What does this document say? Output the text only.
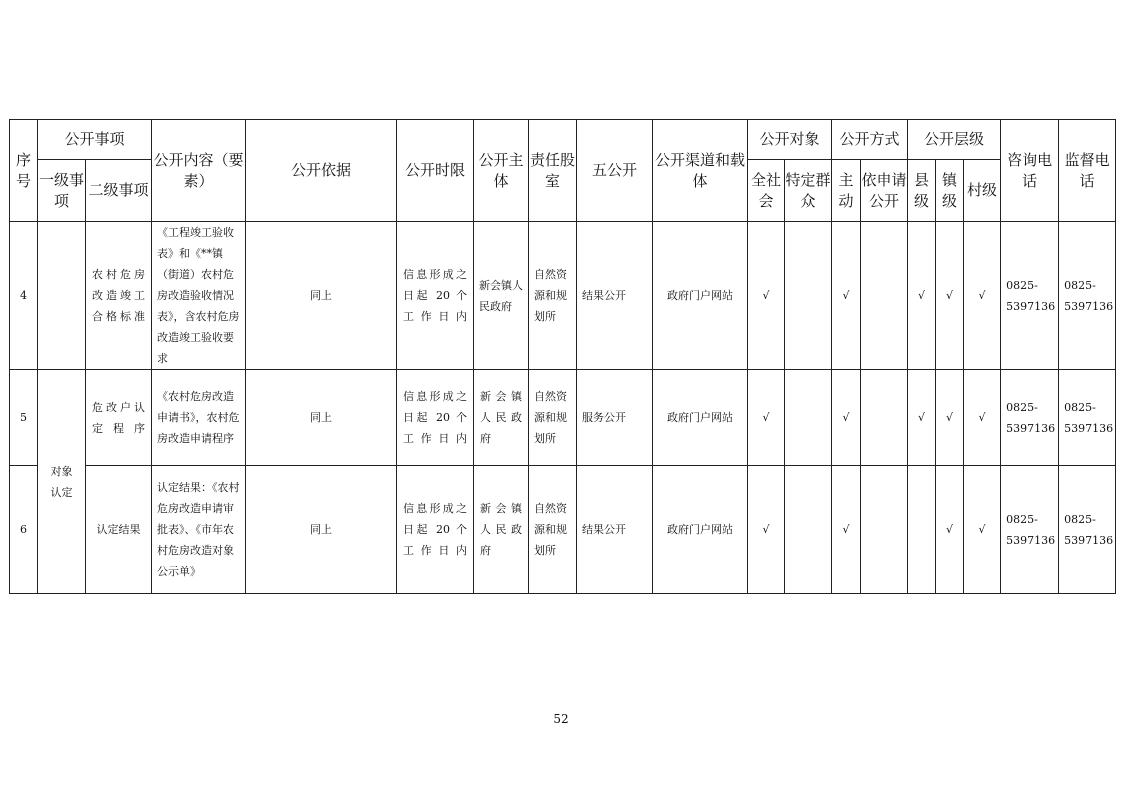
序号	公开事项		公开内容（要素）	公开依据	公开时限	公开主体	责任股室	五公开	公开渠道和载体	公开对象		公开方式		公开层级			咨询电话	监督电话
	一级事项	二级事项								全社会	特定群众	主动	依申请公开	县级	镇级	村级		
4		农村危房改造竣工合格标准	《工程竣工验收表》和《**镇（街道）农村危房改造验收情况表》，含农村危房改造竣工验收要求	同上	信息形成之日起 20 个工作日内	新会镇人民政府	自然资源和规划所	结果公开	政府门户网站	√		√		√	√	√	0825-5397136	0825-5397136
5	对象认定	危改户认定程序	《农村危房改造申请书》，农村危房改造申请程序	同上	信息形成之日起 20 个工作日内	新会镇人民政府	自然资源和规划所	服务公开	政府门户网站	√		√		√	√	√	0825-5397136	0825-5397136
6		认定结果	认定结果：《农村危房改造申请审批表》、《市年农村危房改造对象公示单》	同上	信息形成之日起 20 个工作日内	新会镇人民政府	自然资源和规划所	结果公开	政府门户网站	√		√			√	√	0825-5397136	0825-5397136
52
